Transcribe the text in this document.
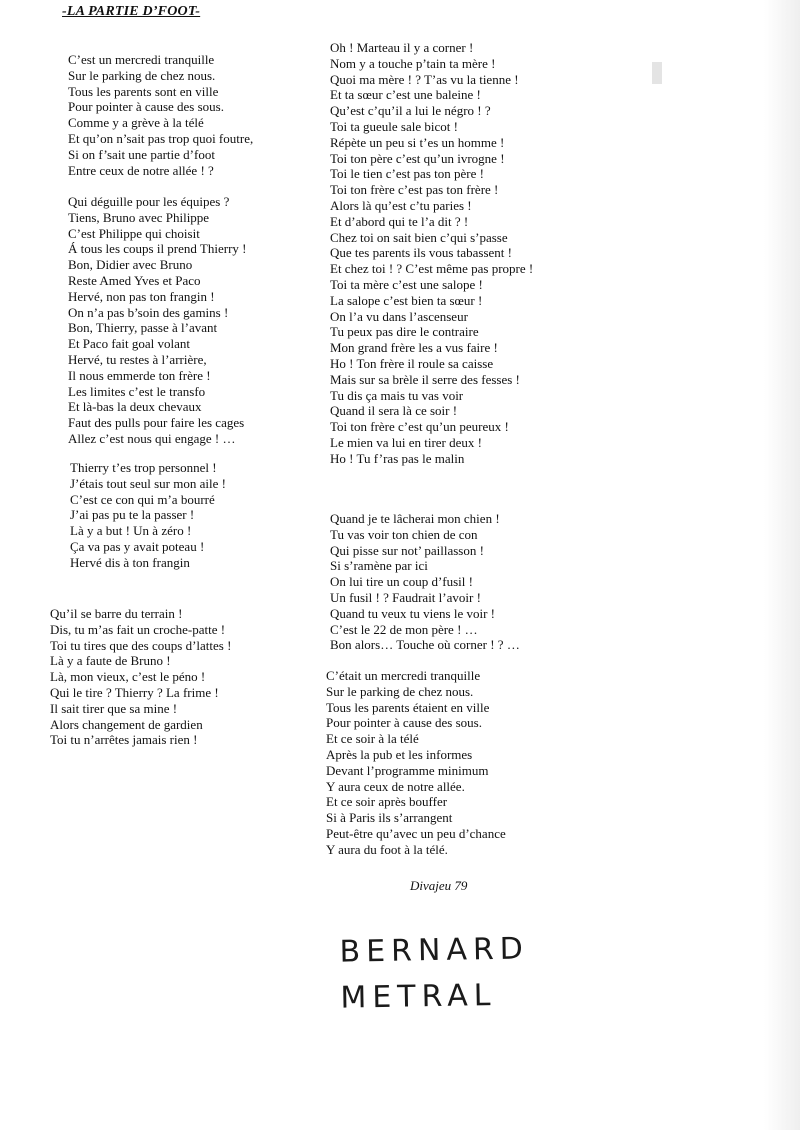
-LA PARTIE D’FOOT-
C’est un mercredi tranquille
Sur le parking de chez nous.
Tous les parents sont en ville
Pour pointer à cause des sous.
Comme y a grève à la télé
Et qu’on n’sait pas trop quoi foutre,
Si on f’sait une partie d’foot
Entre ceux de notre allée ! ?
Qui déguille pour les équipes ?
Tiens, Bruno avec Philippe
C’est Philippe qui choisit
Á tous les coups il prend Thierry !
Bon, Didier avec Bruno
Reste Amed Yves et Paco
Hervé, non pas ton frangin !
On n’a pas b’soin des gamins !
Bon, Thierry, passe à l’avant
Et Paco fait goal volant
Hervé, tu restes à l’arrière,
Il nous emmerde ton frère !
Les limites c’est le transfo
Et là-bas la deux chevaux
Faut des pulls pour faire les cages
Allez c’est nous qui engage ! …
Thierry t’es trop personnel !
J’étais tout seul sur mon aile !
C’est ce con qui m’a bourré
J’ai pas pu te la passer !
Là y a but ! Un à zéro !
Ça va pas y avait poteau !
Hervé dis à ton frangin
Qu’il se barre du terrain !
Dis, tu m’as fait un croche-patte !
Toi tu tires que des coups d’lattes !
Là y a faute de Bruno !
Là, mon vieux, c’est le péno !
Qui le tire ? Thierry ? La frime !
Il sait tirer que sa mine !
Alors changement de gardien
Toi tu n’arrêtes jamais rien !
Oh ! Marteau il y a corner !
Nom y a touche p’tain ta mère !
Quoi ma mère ! ? T’as vu la tienne !
Et ta sœur c’est une baleine !
Qu’est c’qu’il a lui le négro ! ?
Toi ta gueule sale bicot !
Répète un peu si t’es un homme !
Toi ton père c’est qu’un ivrogne !
Toi le tien c’est pas ton père !
Toi ton frère c’est pas ton frère !
Alors là qu’est c’tu paries !
Et d’abord qui te l’a dit ? !
Chez toi on sait bien c’qui s’passe
Que tes parents ils vous tabassent !
Et chez toi ! ? C’est même pas propre !
Toi ta mère c’est une salope !
La salope c’est bien ta sœur !
On l’a vu dans l’ascenseur
Tu peux pas dire le contraire
Mon grand frère les a vus faire !
Ho ! Ton frère il roule sa caisse
Mais sur sa brèle il serre des fesses !
Tu dis ça mais tu vas voir
Quand il sera là ce soir !
Toi ton frère c’est qu’un peureux !
Le mien va lui en tirer deux !
Ho ! Tu f’ras pas le malin
Quand je te lâcherai mon chien !
Tu vas voir ton chien de con
Qui pisse sur not’ paillasson !
Si s’ramène par ici
On lui tire un coup d’fusil !
Un fusil ! ? Faudrait l’avoir !
Quand tu veux tu viens le voir !
C’est le 22 de mon père ! …
Bon alors… Touche où corner ! ? …
C’était un mercredi tranquille
Sur le parking de chez nous.
Tous les parents étaient en ville
Pour pointer à cause des sous.
Et ce soir à la télé
Après la pub et les informes
Devant l’programme minimum
Y aura ceux de notre allée.
Et ce soir après bouffer
Si à Paris ils s’arrangent
Peut-être qu’avec un peu d’chance
Y aura du foot à la télé.
Divajeu 79
BERNARD
METRAL
